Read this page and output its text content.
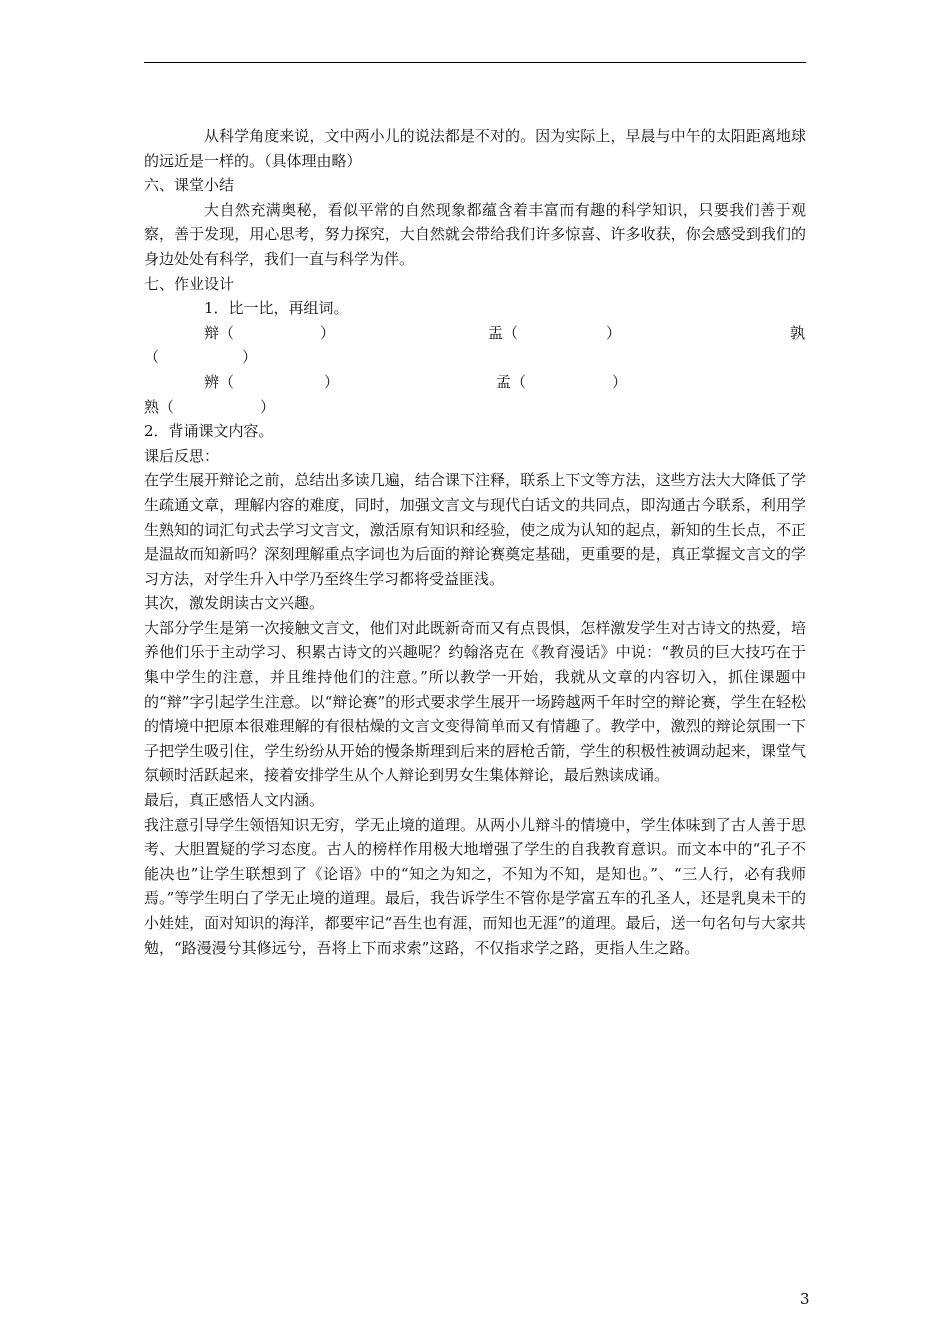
从科学角度来说，文中两小儿的说法都是不对的。因为实际上，早晨与中午的太阳距离地球的远近是一样的。（具体理由略）

六、课堂小结

大自然充满奥秘，看似平常的自然现象都蕴含着丰富而有趣的科学知识，只要我们善于观察，善于发现，用心思考，努力探究，大自然就会带给我们许多惊喜、许多收获，你会感受到我们的身边处处有科学，我们一直与科学为伴。

七、作业设计

1．比一比，再组词。

辩（	）	盂（	）	孰
（	）
辨（	）	孟（	）
熟（	）

2．背诵课文内容。

课后反思：

在学生展开辩论之前，总结出多读几遍，结合课下注释，联系上下文等方法，这些方法大大降低了学生疏通文章，理解内容的难度，同时，加强文言文与现代白话文的共同点，即沟通古今联系，利用学生熟知的词汇句式去学习文言文，激活原有知识和经验，使之成为认知的起点，新知的生长点，不正是温故而知新吗？深刻理解重点字词也为后面的辩论赛奠定基础，更重要的是，真正掌握文言文的学习方法，对学生升入中学乃至终生学习都将受益匪浅。

其次，激发朗读古文兴趣。

大部分学生是第一次接触文言文，他们对此既新奇而又有点畏惧，怎样激发学生对古诗文的热爱，培养他们乐于主动学习、积累古诗文的兴趣呢？约翰洛克在《教育漫话》中说：“教员的巨大技巧在于集中学生的注意，并且维持他们的注意。”所以教学一开始，我就从文章的内容切入，抓住课题中的“辩”字引起学生注意。以“辩论赛”的形式要求学生展开一场跨越两千年时空的辩论赛，学生在轻松的情境中把原本很难理解的有很枯燥的文言文变得简单而又有情趣了。教学中，激烈的辩论氛围一下子把学生吸引住，学生纷纷从开始的慢条斯理到后来的唇枪舌箭，学生的积极性被调动起来，课堂气氛顿时活跃起来，接着安排学生从个人辩论到男女生集体辩论，最后熟读成诵。

最后，真正感悟人文内涵。

我注意引导学生领悟知识无穷，学无止境的道理。从两小儿辩斗的情境中，学生体味到了古人善于思考、大胆置疑的学习态度。古人的榜样作用极大地增强了学生的自我教育意识。而文本中的“孔子不能决也”让学生联想到了《论语》中的“知之为知之，不知为不知，是知也。”、“三人行，必有我师焉。”等学生明白了学无止境的道理。最后，我告诉学生不管你是学富五车的孔圣人，还是乳臭未干的小娃娃，面对知识的海洋，都要牢记“吾生也有涯，而知也无涯”的道理。最后，送一句名句与大家共勉，“路漫漫兮其修远兮，吾将上下而求索”这路，不仅指求学之路，更指人生之路。

3
